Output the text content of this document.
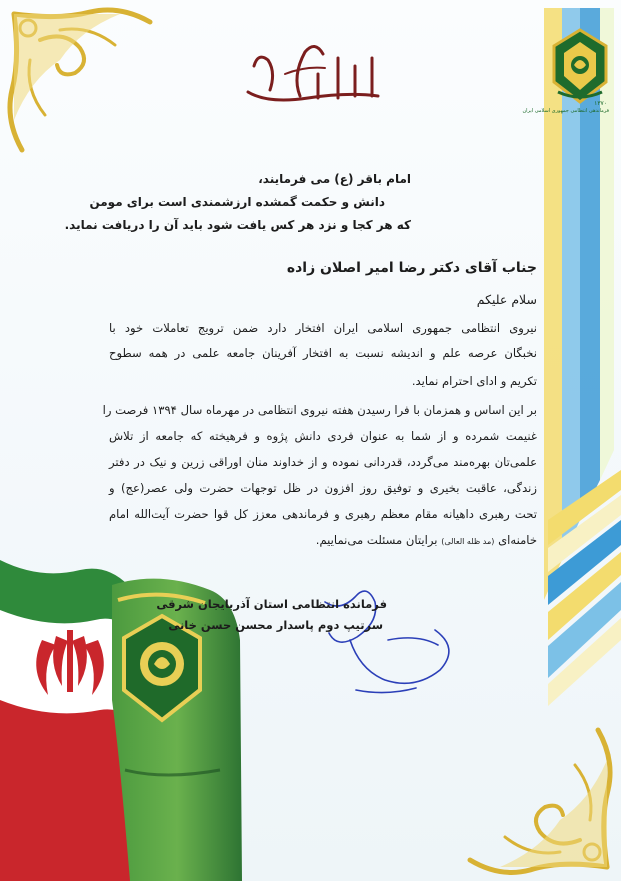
۱۳۷۰
فرماندهی انتظامی جمهوری اسلامی ایران
امام باقر (ع) می فرمایند،
دانش و حکمت گمشده ارزشمندی است برای مومن
که هر کجا و نزد هر کس یافت شود باید آن را دریافت نماید.
جناب آقای دکتر رضا امیر اصلان زاده
سلام علیکم
نیروی انتظامی جمهوری اسلامی ایران افتخار دارد ضمن ترویج تعاملات خود با
نخبگان عرصه علم و اندیشه نسبت به افتخار آفرینان جامعه علمی در همه سطوح
تکریم و ادای احترام نماید.
بر این اساس و همزمان با فرا رسیدن هفته نیروی انتظامی در مهرماه سال ۱۳۹۴ فرصت را
غنیمت شمرده و از شما به عنوان فردی دانش پژوه و فرهیخته که جامعه از تلاش
علمی‌تان بهره‌مند می‌گردد، قدردانی نموده و از خداوند منان اوراقی زرین و نیک در دفتر
زندگی، عاقبت بخیری و توفیق روز افزون در ظل توجهات حضرت ولی عصر(عج) و
تحت رهبری داهیانه مقام معظم رهبری و فرماندهی معزز کل قوا حضرت آیت‌الله امام
خامنه‌ای (مد ظله العالی) برایتان مسئلت می‌نماییم.
فرمانده انتظامی استان آذربایجان شرقی
سرتیپ دوم پاسدار محسن حسن خانی
